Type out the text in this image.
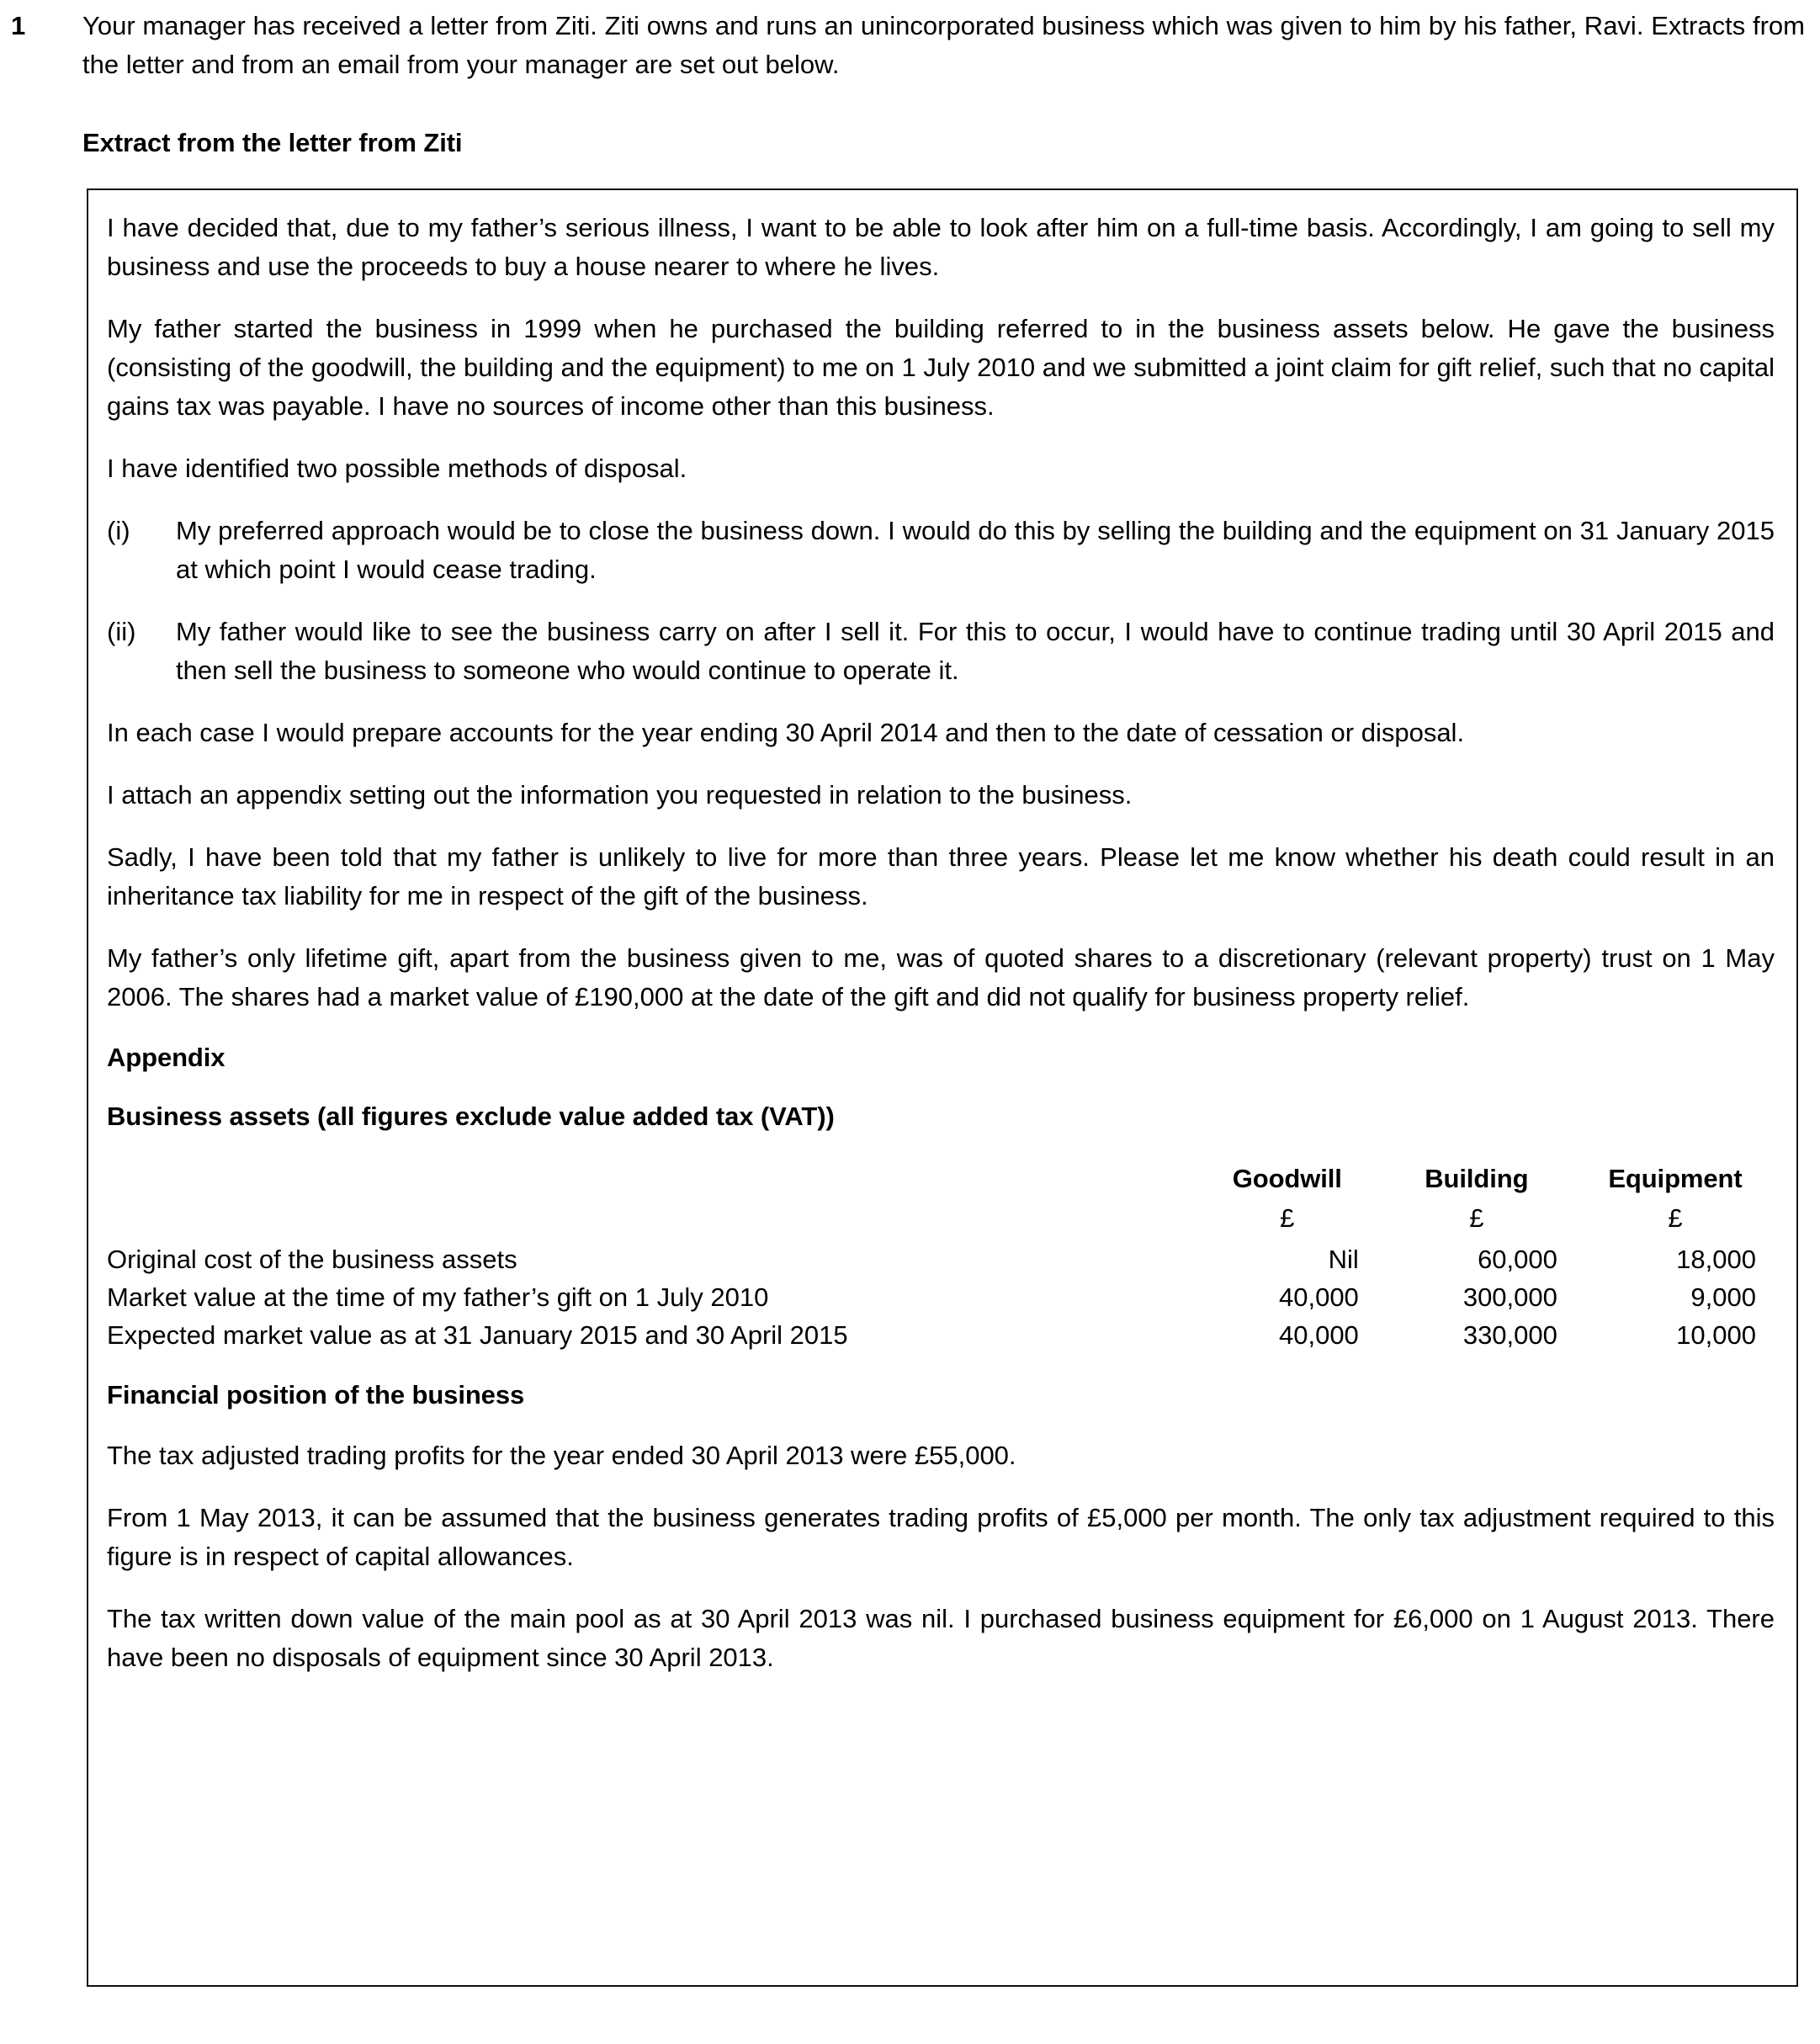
1 Your manager has received a letter from Ziti. Ziti owns and runs an unincorporated business which was given to him by his father, Ravi. Extracts from the letter and from an email from your manager are set out below.
Extract from the letter from Ziti

I have decided that, due to my father’s serious illness, I want to be able to look after him on a full-time basis. Accordingly, I am going to sell my business and use the proceeds to buy a house nearer to where he lives.

My father started the business in 1999 when he purchased the building referred to in the business assets below. He gave the business (consisting of the goodwill, the building and the equipment) to me on 1 July 2010 and we submitted a joint claim for gift relief, such that no capital gains tax was payable. I have no sources of income other than this business.

I have identified two possible methods of disposal.

(i)	My preferred approach would be to close the business down. I would do this by selling the building and the equipment on 31 January 2015 at which point I would cease trading.
(ii)	My father would like to see the business carry on after I sell it. For this to occur, I would have to continue trading until 30 April 2015 and then sell the business to someone who would continue to operate it.

In each case I would prepare accounts for the year ending 30 April 2014 and then to the date of cessation or disposal.

I attach an appendix setting out the information you requested in relation to the business.

Sadly, I have been told that my father is unlikely to live for more than three years. Please let me know whether his death could result in an inheritance tax liability for me in respect of the gift of the business.

My father’s only lifetime gift, apart from the business given to me, was of quoted shares to a discretionary (relevant property) trust on 1 May 2006. The shares had a market value of £190,000 at the date of the gift and did not qualify for business property relief.

Appendix
Business assets (all figures exclude value added tax (VAT))
	Goodwill	Building	Equipment
	£	£	£
Original cost of the business assets	Nil	60,000	18,000
Market value at the time of my father’s gift on 1 July 2010	40,000	300,000	9,000
Expected market value as at 31 January 2015 and 30 April 2015	40,000	330,000	10,000
Financial position of the business

The tax adjusted trading profits for the year ended 30 April 2013 were £55,000.

From 1 May 2013, it can be assumed that the business generates trading profits of £5,000 per month. The only tax adjustment required to this figure is in respect of capital allowances.

The tax written down value of the main pool as at 30 April 2013 was nil. I purchased business equipment for £6,000 on 1 August 2013. There have been no disposals of equipment since 30 April 2013.
